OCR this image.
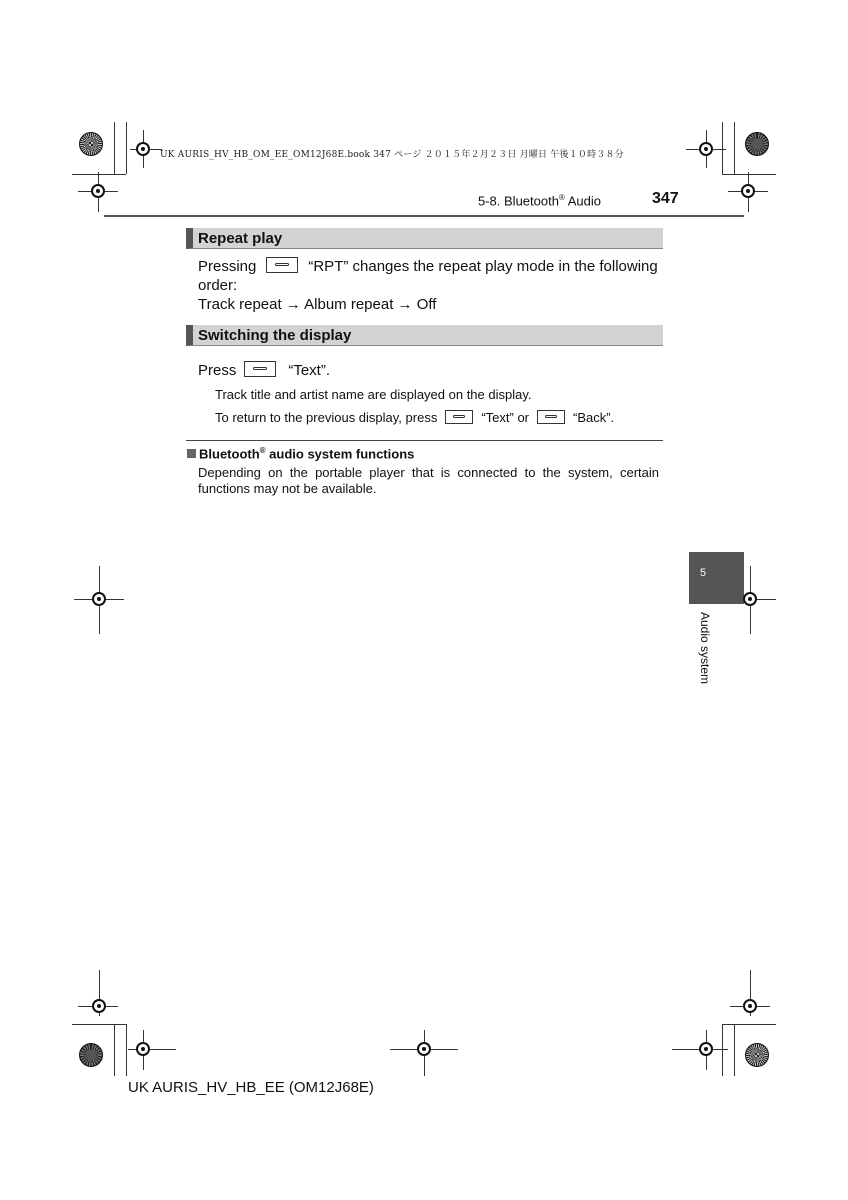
UK AURIS_HV_HB_OM_EE_OM12J68E.book 347 ページ ２０１５年２月２３日 月曜日 午後１０時３８分
5-8. Bluetooth® Audio	347
Repeat play
Pressing	“RPT” changes the repeat play mode in the following
order:
Track repeat → Album repeat → Off
Switching the display
Press	“Text”.
Track title and artist name are displayed on the display.
To return to the previous display, press	“Text” or	“Back”.
Bluetooth® audio system functions
Depending on the portable player that is connected to the system, certain functions may not be available.
5
Audio system
UK AURIS_HV_HB_EE (OM12J68E)
